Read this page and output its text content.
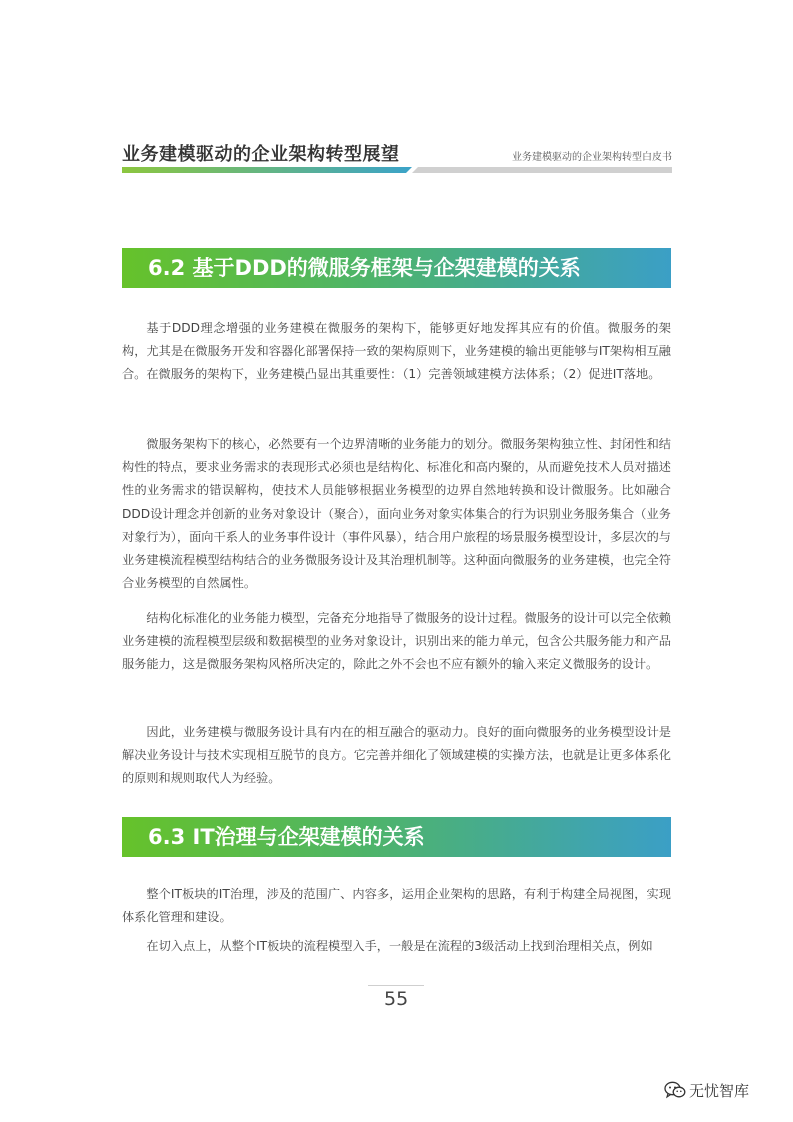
业务建模驱动的企业架构转型展望	业务建模驱动的企业架构转型白皮书
6.2 基于DDD的微服务框架与企架建模的关系

基于DDD理念增强的业务建模在微服务的架构下，能够更好地发挥其应有的价值。微服务的架构，尤其是在微服务开发和容器化部署保持一致的架构原则下，业务建模的输出更能够与IT架构相互融合。在微服务的架构下，业务建模凸显出其重要性：（1）完善领域建模方法体系；（2）促进IT落地。

微服务架构下的核心，必然要有一个边界清晰的业务能力的划分。微服务架构独立性、封闭性和结构性的特点，要求业务需求的表现形式必须也是结构化、标准化和高内聚的，从而避免技术人员对描述性的业务需求的错误解构，使技术人员能够根据业务模型的边界自然地转换和设计微服务。比如融合DDD设计理念并创新的业务对象设计（聚合），面向业务对象实体集合的行为识别业务服务集合（业务对象行为），面向干系人的业务事件设计（事件风暴），结合用户旅程的场景服务模型设计，多层次的与业务建模流程模型结构结合的业务微服务设计及其治理机制等。这种面向微服务的业务建模，也完全符合业务模型的自然属性。

结构化标准化的业务能力模型，完备充分地指导了微服务的设计过程。微服务的设计可以完全依赖业务建模的流程模型层级和数据模型的业务对象设计，识别出来的能力单元，包含公共服务能力和产品服务能力，这是微服务架构风格所决定的，除此之外不会也不应有额外的输入来定义微服务的设计。

因此，业务建模与微服务设计具有内在的相互融合的驱动力。良好的面向微服务的业务模型设计是解决业务设计与技术实现相互脱节的良方。它完善并细化了领域建模的实操方法，也就是让更多体系化的原则和规则取代人为经验。

6.3 IT治理与企架建模的关系

整个IT板块的IT治理，涉及的范围广、内容多，运用企业架构的思路，有利于构建全局视图，实现体系化管理和建设。

在切入点上，从整个IT板块的流程模型入手，一般是在流程的3级活动上找到治理相关点，例如

55
无忧智库
